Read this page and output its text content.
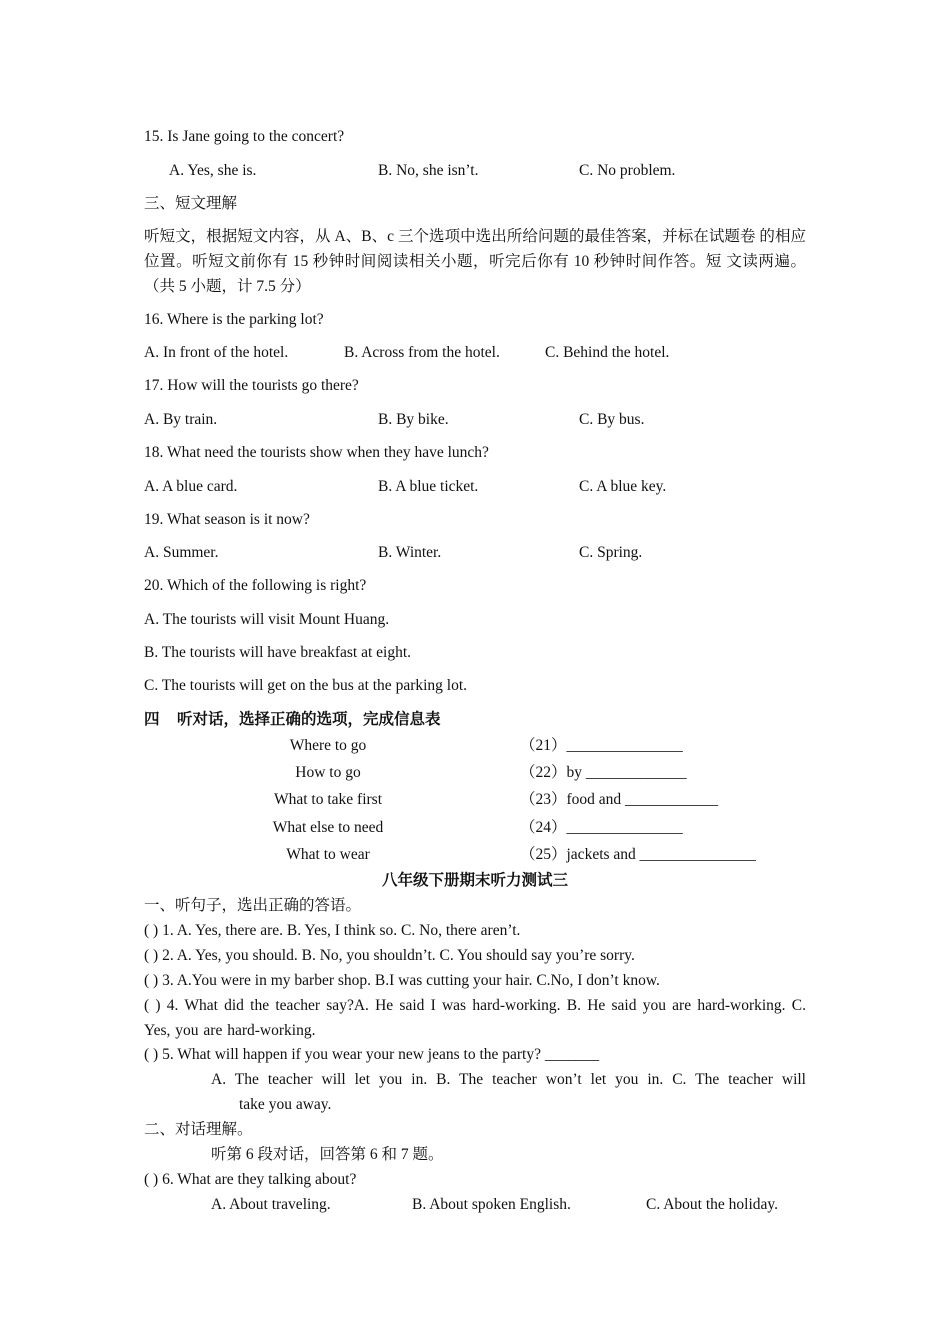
15. Is Jane going to the concert?
A. Yes, she is.	B. No, she isn’t.	C. No problem.
三、短文理解
听短文，根据短文内容，从 A、B、c 三个选项中选出所给问题的最佳答案，并标在试题卷 的相应位置。听短文前你有 15 秒钟时间阅读相关小题，听完后你有 10 秒钟时间作答。短 文读两遍。（共 5 小题，计 7.5 分）
16. Where is the parking lot?
A. In front of the hotel.	B. Across from the hotel.	C. Behind the hotel.
17. How will the tourists go there?
A. By train.	B. By bike.	C. By bus.
18. What need the tourists show when they have lunch?
A. A blue card.	B. A blue ticket.	C. A blue key.
19. What season is it now?
A. Summer.	B. Winter.	C. Spring.
20. Which of the following is right?
A. The tourists will visit Mount Huang.
B. The tourists will have breakfast at eight.
C. The tourists will get on the bus at the parking lot.
四 听对话，选择正确的选项，完成信息表
Where to go	（21）_______________
How to go	（22）by _____________
What to take first	（23）food and ____________
What else to need	（24）_______________
What to wear	（25）jackets and _______________
八年级下册期末听力测试三
一、听句子，选出正确的答语。
( ) 1. A. Yes, there are. B. Yes, I think so. C. No, there aren’t.
( ) 2. A. Yes, you should. B. No, you shouldn’t. C. You should say you’re sorry.
( ) 3. A.You were in my barber shop. B.I was cutting your hair. C.No, I don’t know.
( ) 4. What did the teacher say?A. He said I was hard-working. B. He said you are hard-working. C. Yes, you are hard-working.
( ) 5. What will happen if you wear your new jeans to the party? _______
A. The teacher will let you in. B. The teacher won’t let you in. C. The teacher will
take you away.
二、对话理解。
听第 6 段对话，回答第 6 和 7 题。
( ) 6. What are they talking about?
A. About traveling.	B. About spoken English.	C. About the holiday.
